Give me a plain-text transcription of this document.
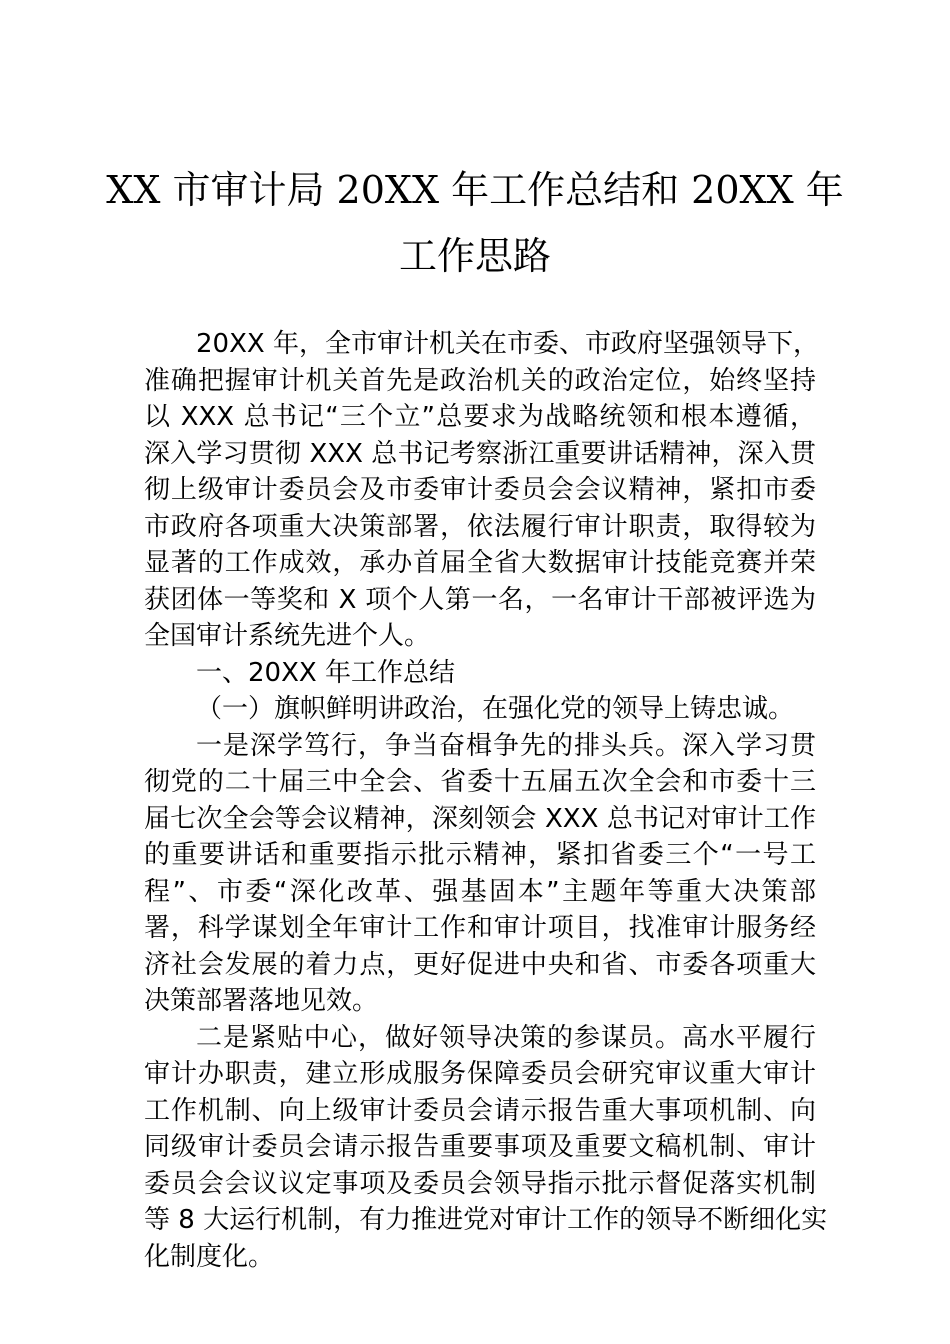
XX 市审计局 20XX 年工作总结和 20XX 年
工作思路
20XX 年，全市审计机关在市委、市政府坚强领导下，
准确把握审计机关首先是政治机关的政治定位，始终坚持
以 XXX 总书记“三个立”总要求为战略统领和根本遵循，
深入学习贯彻 XXX 总书记考察浙江重要讲话精神，深入贯
彻上级审计委员会及市委审计委员会会议精神，紧扣市委
市政府各项重大决策部署，依法履行审计职责，取得较为
显著的工作成效，承办首届全省大数据审计技能竞赛并荣
获团体一等奖和 X 项个人第一名，一名审计干部被评选为
全国审计系统先进个人。
一、20XX 年工作总结
（一）旗帜鲜明讲政治，在强化党的领导上铸忠诚。
一是深学笃行，争当奋楫争先的排头兵。深入学习贯
彻党的二十届三中全会、省委十五届五次全会和市委十三
届七次全会等会议精神，深刻领会 XXX 总书记对审计工作
的重要讲话和重要指示批示精神，紧扣省委三个“一号工
程”、市委“深化改革、强基固本”主题年等重大决策部
署，科学谋划全年审计工作和审计项目，找准审计服务经
济社会发展的着力点，更好促进中央和省、市委各项重大
决策部署落地见效。
二是紧贴中心，做好领导决策的参谋员。高水平履行
审计办职责，建立形成服务保障委员会研究审议重大审计
工作机制、向上级审计委员会请示报告重大事项机制、向
同级审计委员会请示报告重要事项及重要文稿机制、审计
委员会会议议定事项及委员会领导指示批示督促落实机制
等 8 大运行机制，有力推进党对审计工作的领导不断细化实
化制度化。
